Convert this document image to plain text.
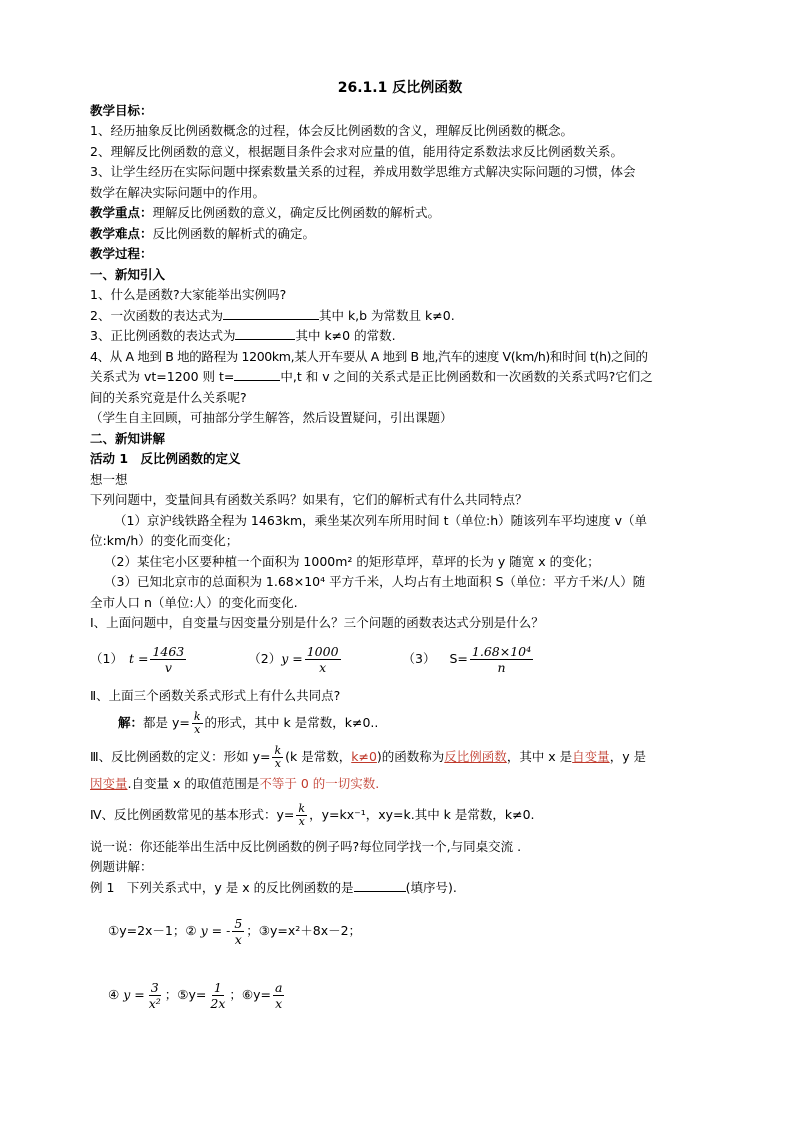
26.1.1 反比例函数
教学目标：
1、经历抽象反比例函数概念的过程，体会反比例函数的含义，理解反比例函数的概念。
2、理解反比例函数的意义，根据题目条件会求对应量的值，能用待定系数法求反比例函数关系。
3、让学生经历在实际问题中探索数量关系的过程，养成用数学思维方式解决实际问题的习惯，体会
数学在解决实际问题中的作用。
教学重点：理解反比例函数的意义，确定反比例函数的解析式。
教学难点：反比例函数的解析式的确定。
教学过程：
一、新知引入
1、什么是函数?大家能举出实例吗?
2、一次函数的表达式为	其中 k,b 为常数且 k≠0.
3、正比例函数的表达式为	其中 k≠0 的常数.
4、从 A 地到 B 地的路程为 1200km,某人开车要从 A 地到 B 地,汽车的速度 V(km/h)和时间 t(h)之间的
关系式为 vt=1200 则 t=	中,t 和 v 之间的关系式是正比例函数和一次函数的关系式吗?它们之
间的关系究竟是什么关系呢?
（学生自主回顾，可抽部分学生解答，然后设置疑问，引出课题）
二、新知讲解
活动 1　反比例函数的定义
想一想
下列问题中，变量间具有函数关系吗？如果有，它们的解析式有什么共同特点？
（1）京沪线铁路全程为 1463km，乘坐某次列车所用时间 t（单位:h）随该列车平均速度 v（单
位:km/h）的变化而变化；
（2）某住宅小区要种植一个面积为 1000m² 的矩形草坪，草坪的长为 y 随宽 x 的变化；
（3）已知北京市的总面积为 1.68×10⁴ 平方千米，人均占有土地面积 S（单位：平方千米/人）随
全市人口 n（单位:人）的变化而变化.
Ⅰ、上面问题中，自变量与因变量分别是什么？三个问题的函数表达式分别是什么？
（1） $t = \frac{1463}{v}$	（2） $y = \frac{1000}{x}$	（3） $S= \frac{\text{1.68×10⁴}}{n}$
Ⅱ、上面三个函数关系式形式上有什么共同点?
解： 都是 $y= \frac{k}{x}$ 的形式，其中 k 是常数，k≠0..
Ⅲ、反比例函数的定义：形如 $y= \frac{k}{x} (k$ 是常数， k≠0 )的函数称为 反比例函数 ，其中 x 是 自变量 ，y 是
因变量.自变量 x 的取值范围是不等于 0 的一切实数.
Ⅳ、反比例函数常见的基本形式：$y= \frac{k}{x}$ ，y=kx⁻¹，xy=k.其中 k 是常数，k≠0.
说一说：你还能举出生活中反比例函数的例子吗?每位同学找一个,与同桌交流 .
例题讲解：
例 1　下列关系式中，y 是 x 的反比例函数的是	(填序号).
①y=2x－1；② y = - $\frac{5}{x}$ ；③y=x²＋8x－2；
④ $y = \frac{3}{\text{x²}}$ ；⑤y= $\frac{1}{2x}$ ；⑥y= $\frac{a}{x}$
